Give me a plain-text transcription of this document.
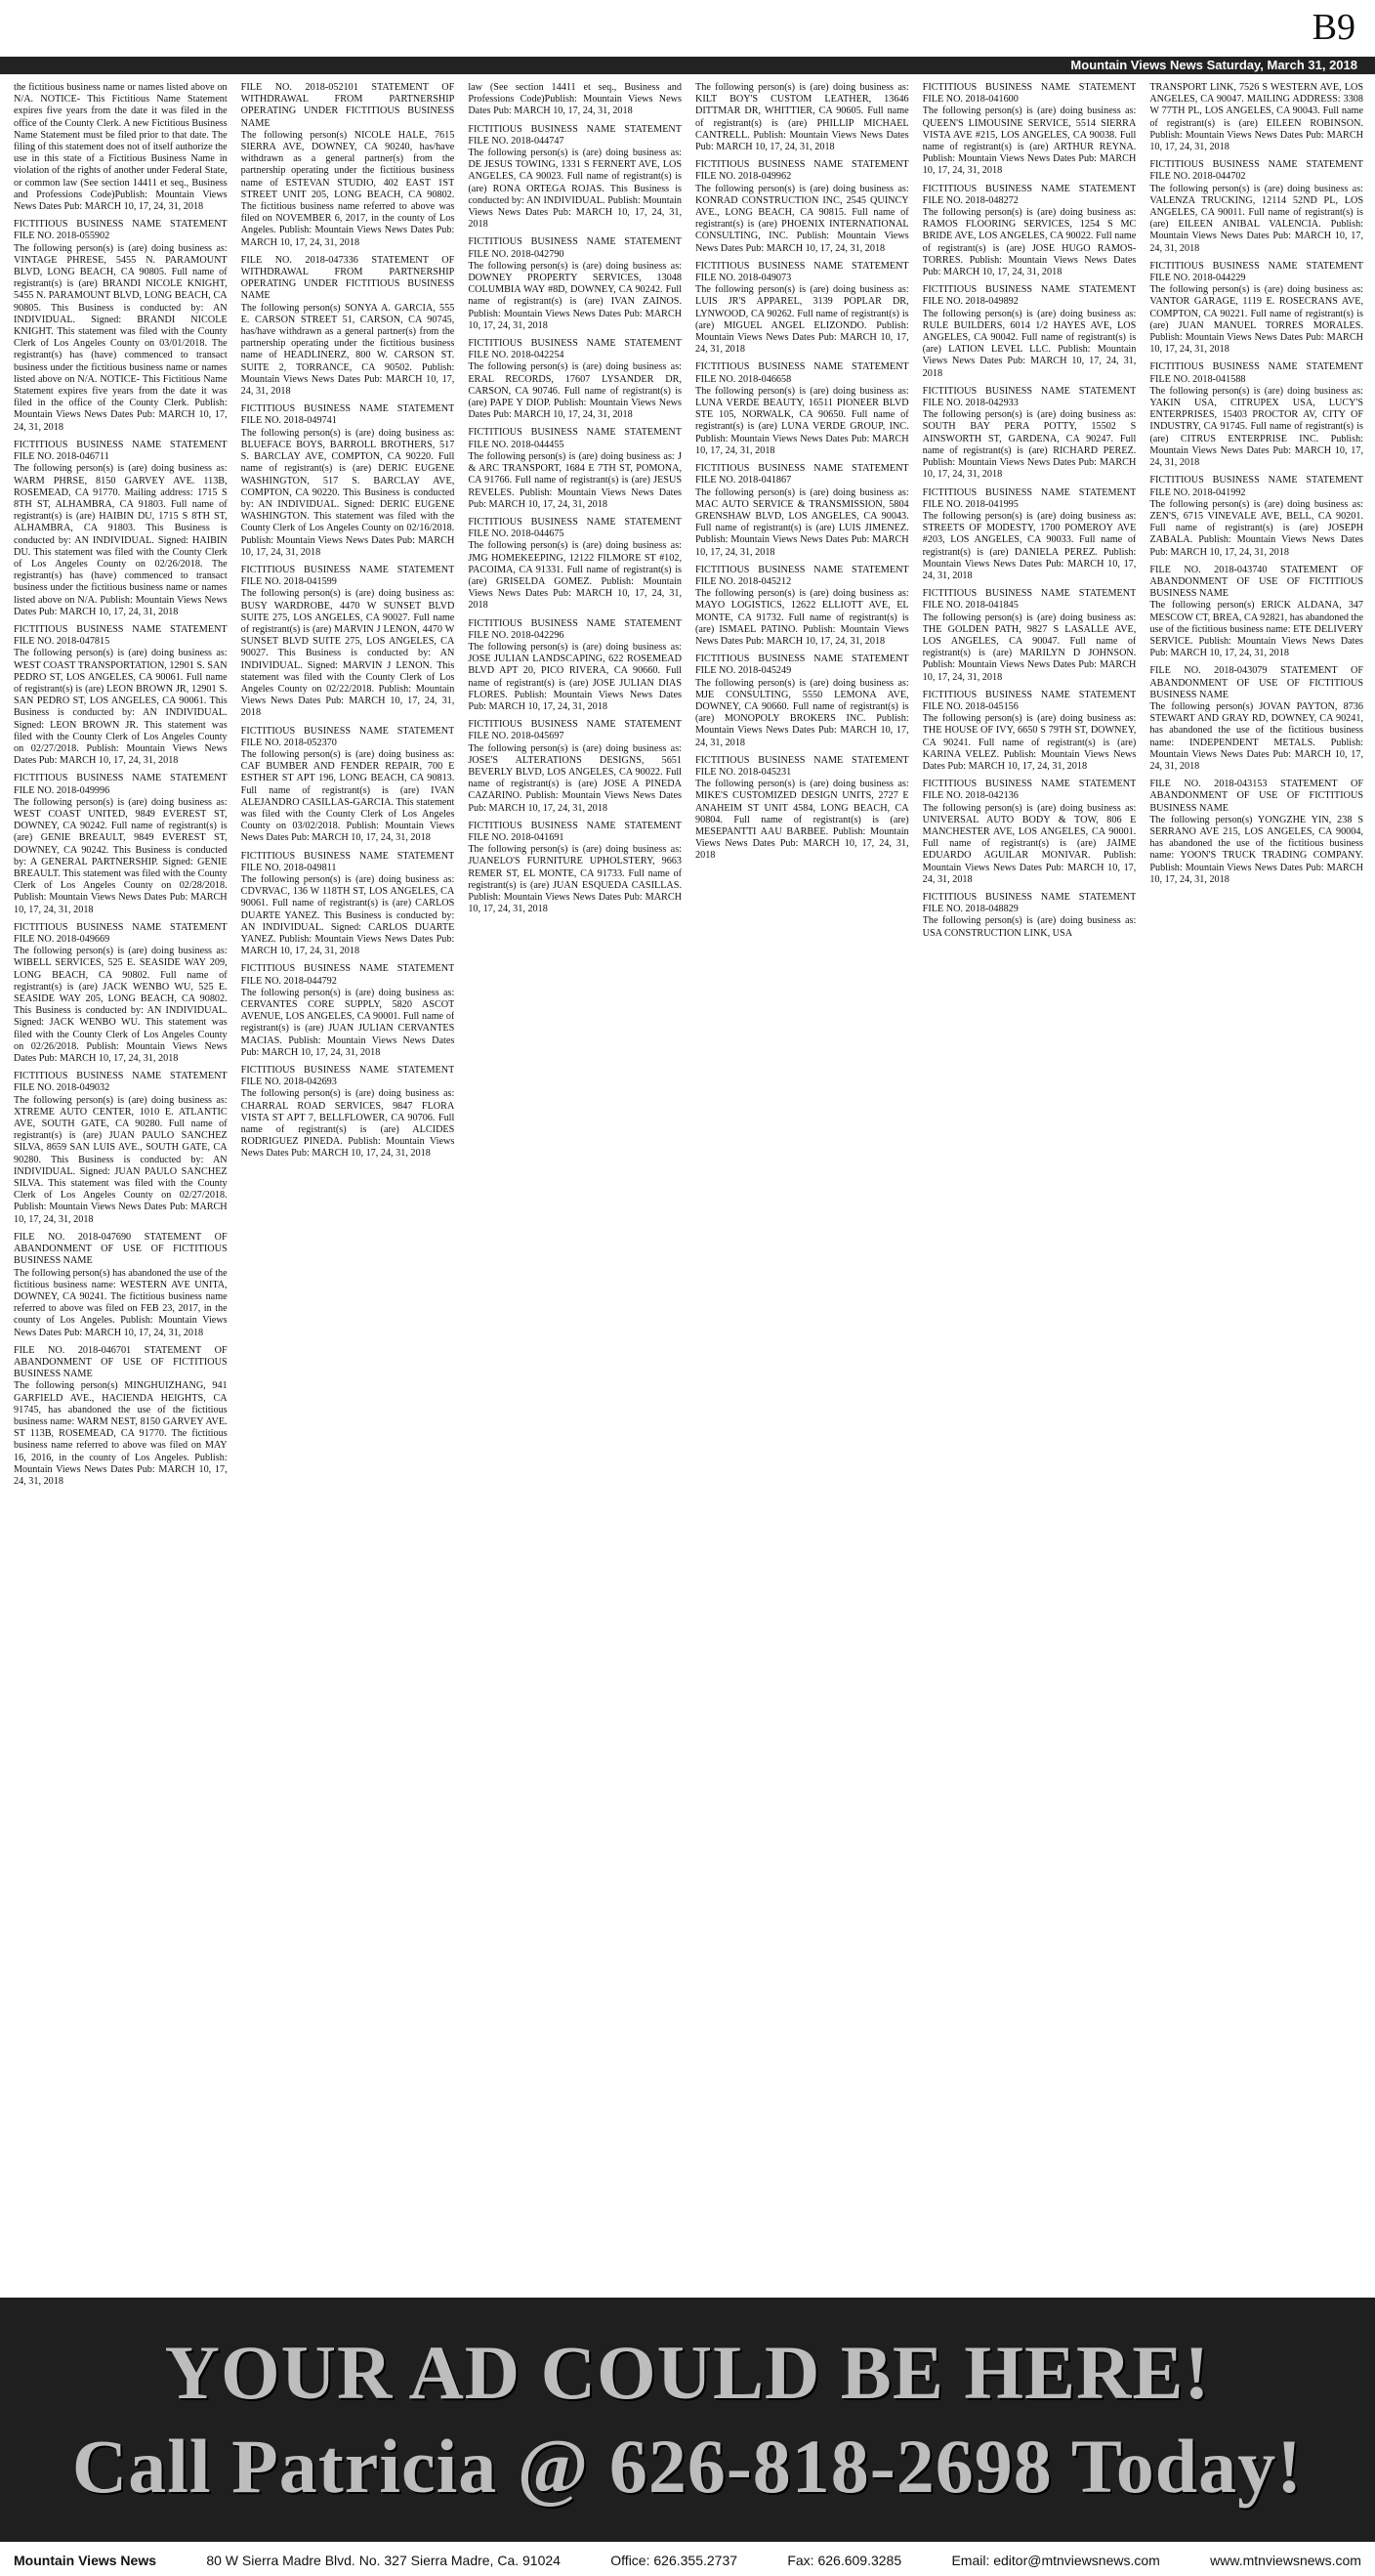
B9
Mountain Views News Saturday, March 31, 2018
the fictitious business name or names listed above on N/A. NOTICE- This Fictitious Name Statement expires five years from the date it was filed in the office of the County Clerk. A new Fictitious Business Name Statement must be filed prior to that date. The filing of this statement does not of itself authorize the use in this state of a Fictitious Business Name in violation of the rights of another under Federal State, or common law (See section 14411 et seq., Business and Professions Code)Publish: Mountain Views News Dates Pub: MARCH 10, 17, 24, 31, 2018
FICTITIOUS BUSINESS NAME STATEMENT FILE NO. 2018-055902
The following person(s) is (are) doing business as: VINTAGE PHRESE, 5455 N. PARAMOUNT BLVD, LONG BEACH, CA 90805. Full name of registrant(s) is (are) BRANDI NICOLE KNIGHT, 5455 N. PARAMOUNT BLVD, LONG BEACH, CA 90805. This Business is conducted by: AN INDIVIDUAL. Signed: BRANDI NICOLE KNIGHT. This statement was filed with the County Clerk of Los Angeles County on 03/01/2018. The registrant(s) has (have) commenced to transact business under the fictitious business name or names listed above on N/A. NOTICE- This Fictitious Name Statement expires five years from the date it was filed in the office of the County Clerk. Publish: Mountain Views News Dates Pub: MARCH 10, 17, 24, 31, 2018
FICTITIOUS BUSINESS NAME STATEMENT FILE NO. 2018-046711
The following person(s) is (are) doing business as: WARM PHRSE, 8150 GARVEY AVE. 113B, ROSEMEAD, CA 91770. Mailing address: 1715 S 8TH ST, ALHAMBRA, CA 91803. Full name of registrant(s) is (are) HAIBIN DU, 1715 S 8TH ST, ALHAMBRA, CA 91803. This Business is conducted by: AN INDIVIDUAL. Signed: HAIBIN DU. This statement was filed with the County Clerk of Los Angeles County on 02/26/2018. The registrant(s) has (have) commenced to transact business under the fictitious business name or names listed above on N/A. Publish: Mountain Views News Dates Pub: MARCH 10, 17, 24, 31, 2018
FICTITIOUS BUSINESS NAME STATEMENT FILE NO. 2018-047815
The following person(s) is (are) doing business as: WEST COAST TRANSPORTATION, 12901 S. SAN PEDRO ST, LOS ANGELES, CA 90061. Full name of registrant(s) is (are) LEON BROWN JR, 12901 S. SAN PEDRO ST, LOS ANGELES, CA 90061. This Business is conducted by: AN INDIVIDUAL. Signed: LEON BROWN JR. This statement was filed with the County Clerk of Los Angeles County on 02/27/2018. Publish: Mountain Views News Dates Pub: MARCH 10, 17, 24, 31, 2018
FICTITIOUS BUSINESS NAME STATEMENT FILE NO. 2018-049996
The following person(s) is (are) doing business as: WEST COAST UNITED, 9849 EVEREST ST, DOWNEY, CA 90242. Full name of registrant(s) is (are) GENIE BREAULT, 9849 EVEREST ST, DOWNEY, CA 90242. This Business is conducted by: A GENERAL PARTNERSHIP. Signed: GENIE BREAULT. This statement was filed with the County Clerk of Los Angeles County on 02/28/2018. Publish: Mountain Views News Dates Pub: MARCH 10, 17, 24, 31, 2018
FICTITIOUS BUSINESS NAME STATEMENT FILE NO. 2018-049669
The following person(s) is (are) doing business as: WIBELL SERVICES, 525 E. SEASIDE WAY 209, LONG BEACH, CA 90802. Full name of registrant(s) is (are) JACK WENBO WU, 525 E. SEASIDE WAY 205, LONG BEACH, CA 90802. This Business is conducted by: AN INDIVIDUAL. Signed: JACK WENBO WU. This statement was filed with the County Clerk of Los Angeles County on 02/26/2018. Publish: Mountain Views News Dates Pub: MARCH 10, 17, 24, 31, 2018
FICTITIOUS BUSINESS NAME STATEMENT FILE NO. 2018-049032
The following person(s) is (are) doing business as: XTREME AUTO CENTER, 1010 E. ATLANTIC AVE, SOUTH GATE, CA 90280. Full name of registrant(s) is (are) JUAN PAULO SANCHEZ SILVA, 8659 SAN LUIS AVE., SOUTH GATE, CA 90280. This Business is conducted by: AN INDIVIDUAL. Signed: JUAN PAULO SANCHEZ SILVA. This statement was filed with the County Clerk of Los Angeles County on 02/27/2018. Publish: Mountain Views News Dates Pub: MARCH 10, 17, 24, 31, 2018
FILE NO. 2018-047690 STATEMENT OF ABANDONMENT OF USE OF FICTITIOUS BUSINESS NAME
The following person(s) has abandoned the use of the fictitious business name: WESTERN AVE UNITA, DOWNEY, CA 90241. The fictitious business name referred to above was filed on FEB 23, 2017, in the county of Los Angeles. Publish: Mountain Views News Dates Pub: MARCH 10, 17, 24, 31, 2018
FILE NO. 2018-046701 STATEMENT OF ABANDONMENT OF USE OF FICTITIOUS BUSINESS NAME
The following person(s) MINGHUIZHANG, 941 GARFIELD AVE., HACIENDA HEIGHTS, CA 91745, has abandoned the use of the fictitious business name: WARM NEST, 8150 GARVEY AVE. ST 113B, ROSEMEAD, CA 91770. The fictitious business name referred to above was filed on MAY 16, 2016, in the county of Los Angeles. Publish: Mountain Views News Dates Pub: MARCH 10, 17, 24, 31, 2018
FILE NO. 2018-052101 STATEMENT OF WITHDRAWAL FROM PARTNERSHIP OPERATING UNDER FICTITIOUS BUSINESS NAME
The following person(s) NICOLE HALE, 7615 SIERRA AVE, DOWNEY, CA 90240, has/have withdrawn as a general partner(s) from the partnership operating under the fictitious business name of ESTEVAN STUDIO, 402 EAST 1ST STREET UNIT 205, LONG BEACH, CA 90802. The fictitious business name referred to above was filed on NOVEMBER 6, 2017, in the county of Los Angeles. Publish: Mountain Views News Dates Pub: MARCH 10, 17, 24, 31, 2018
FILE NO. 2018-047336 STATEMENT OF WITHDRAWAL FROM PARTNERSHIP OPERATING UNDER FICTITIOUS BUSINESS NAME
The following person(s) SONYA A. GARCIA, 555 E. CARSON STREET 51, CARSON, CA 90745, has/have withdrawn as a general partner(s) from the partnership operating under the fictitious business name of HEADLINERZ, 800 W. CARSON ST. SUITE 2, TORRANCE, CA 90502. Publish: Mountain Views News Dates Pub: MARCH 10, 17, 24, 31, 2018
FICTITIOUS BUSINESS NAME STATEMENT FILE NO. 2018-049741
The following person(s) is (are) doing business as: BLUEFACE BOYS, BARROLL BROTHERS, 517 S. BARCLAY AVE, COMPTON, CA 90220. Full name of registrant(s) is (are) DERIC EUGENE WASHINGTON, 517 S. BARCLAY AVE, COMPTON, CA 90220. This Business is conducted by: AN INDIVIDUAL. Signed: DERIC EUGENE WASHINGTON. This statement was filed with the County Clerk of Los Angeles County on 02/16/2018. Publish: Mountain Views News Dates Pub: MARCH 10, 17, 24, 31, 2018
FICTITIOUS BUSINESS NAME STATEMENT FILE NO. 2018-041599
The following person(s) is (are) doing business as: BUSY WARDROBE, 4470 W SUNSET BLVD SUITE 275, LOS ANGELES, CA 90027. Full name of registrant(s) is (are) MARVIN J LENON, 4470 W SUNSET BLVD SUITE 275, LOS ANGELES, CA 90027. This Business is conducted by: AN INDIVIDUAL. Signed: MARVIN J LENON. This statement was filed with the County Clerk of Los Angeles County on 02/22/2018. Publish: Mountain Views News Dates Pub: MARCH 10, 17, 24, 31, 2018
FICTITIOUS BUSINESS NAME STATEMENT FILE NO. 2018-052370
The following person(s) is (are) doing business as: CAF BUMBER AND FENDER REPAIR, 700 E ESTHER ST APT 196, LONG BEACH, CA 90813. Full name of registrant(s) is (are) IVAN ALEJANDRO CASILLAS-GARCIA. This statement was filed with the County Clerk of Los Angeles County on 03/02/2018. Publish: Mountain Views News Dates Pub: MARCH 10, 17, 24, 31, 2018
FICTITIOUS BUSINESS NAME STATEMENT FILE NO. 2018-049811
The following person(s) is (are) doing business as: CDVRVAC, 136 W 118TH ST, LOS ANGELES, CA 90061. Full name of registrant(s) is (are) CARLOS DUARTE YANEZ. This Business is conducted by: AN INDIVIDUAL. Signed: CARLOS DUARTE YANEZ. Publish: Mountain Views News Dates Pub: MARCH 10, 17, 24, 31, 2018
FICTITIOUS BUSINESS NAME STATEMENT FILE NO. 2018-044792
The following person(s) is (are) doing business as: CERVANTES CORE SUPPLY, 5820 ASCOT AVENUE, LOS ANGELES, CA 90001. Full name of registrant(s) is (are) JUAN JULIAN CERVANTES MACIAS. Publish: Mountain Views News Dates Pub: MARCH 10, 17, 24, 31, 2018
FICTITIOUS BUSINESS NAME STATEMENT FILE NO. 2018-042693
The following person(s) is (are) doing business as: CHARRAL ROAD SERVICES, 9847 FLORA VISTA ST APT 7, BELLFLOWER, CA 90706. Full name of registrant(s) is (are) ALCIDES RODRIGUEZ PINEDA. Publish: Mountain Views News Dates Pub: MARCH 10, 17, 24, 31, 2018
law (See section 14411 et seq., Business and Professions Code)Publish: Mountain Views News Dates Pub: MARCH 10, 17, 24, 31, 2018
FICTITIOUS BUSINESS NAME STATEMENT FILE NO. 2018-044747
The following person(s) is (are) doing business as: DE JESUS TOWING, 1331 S FERNERT AVE, LOS ANGELES, CA 90023. Full name of registrant(s) is (are) RONA ORTEGA ROJAS. This Business is conducted by: AN INDIVIDUAL. Publish: Mountain Views News Dates Pub: MARCH 10, 17, 24, 31, 2018
FICTITIOUS BUSINESS NAME STATEMENT FILE NO. 2018-042790
The following person(s) is (are) doing business as: DOWNEY PROPERTY SERVICES, 13048 COLUMBIA WAY #8D, DOWNEY, CA 90242. Full name of registrant(s) is (are) IVAN ZAINOS. Publish: Mountain Views News Dates Pub: MARCH 10, 17, 24, 31, 2018
FICTITIOUS BUSINESS NAME STATEMENT FILE NO. 2018-042254
The following person(s) is (are) doing business as: ERAL RECORDS, 17607 LYSANDER DR, CARSON, CA 90746. Full name of registrant(s) is (are) PAPE Y DIOP. Publish: Mountain Views News Dates Pub: MARCH 10, 17, 24, 31, 2018
FICTITIOUS BUSINESS NAME STATEMENT FILE NO. 2018-044455
The following person(s) is (are) doing business as: J & ARC TRANSPORT, 1684 E 7TH ST, POMONA, CA 91766. Full name of registrant(s) is (are) JESUS REVELES. Publish: Mountain Views News Dates Pub: MARCH 10, 17, 24, 31, 2018
FICTITIOUS BUSINESS NAME STATEMENT FILE NO. 2018-044675
The following person(s) is (are) doing business as: JMG HOMEKEEPING, 12122 FILMORE ST #102, PACOIMA, CA 91331. Full name of registrant(s) is (are) GRISELDA GOMEZ. Publish: Mountain Views News Dates Pub: MARCH 10, 17, 24, 31, 2018
FICTITIOUS BUSINESS NAME STATEMENT FILE NO. 2018-042296
The following person(s) is (are) doing business as: JOSE JULIAN LANDSCAPING, 622 ROSEMEAD BLVD APT 20, PICO RIVERA, CA 90660. Full name of registrant(s) is (are) JOSE JULIAN DIAS FLORES. Publish: Mountain Views News Dates Pub: MARCH 10, 17, 24, 31, 2018
FICTITIOUS BUSINESS NAME STATEMENT FILE NO. 2018-045697
The following person(s) is (are) doing business as: JOSE'S ALTERATIONS DESIGNS, 5651 BEVERLY BLVD, LOS ANGELES, CA 90022. Full name of registrant(s) is (are) JOSE A PINEDA CAZARINO. Publish: Mountain Views News Dates Pub: MARCH 10, 17, 24, 31, 2018
FICTITIOUS BUSINESS NAME STATEMENT FILE NO. 2018-041691
The following person(s) is (are) doing business as: JUANELO'S FURNITURE UPHOLSTERY, 9663 REMER ST, EL MONTE, CA 91733. Full name of registrant(s) is (are) JUAN ESQUEDA CASILLAS. Publish: Mountain Views News Dates Pub: MARCH 10, 17, 24, 31, 2018
The following person(s) is (are) doing business as: KILT BOY'S CUSTOM LEATHER, 13646 DITTMAR DR, WHITTIER, CA 90605. Full name of registrant(s) is (are) PHILLIP MICHAEL CANTRELL. Publish: Mountain Views News Dates Pub: MARCH 10, 17, 24, 31, 2018
FICTITIOUS BUSINESS NAME STATEMENT FILE NO. 2018-049962
The following person(s) is (are) doing business as: KONRAD CONSTRUCTION INC, 2545 QUINCY AVE., LONG BEACH, CA 90815. Full name of registrant(s) is (are) PHOENIX INTERNATIONAL CONSULTING, INC. Publish: Mountain Views News Dates Pub: MARCH 10, 17, 24, 31, 2018
FICTITIOUS BUSINESS NAME STATEMENT FILE NO. 2018-049073
The following person(s) is (are) doing business as: LUIS JR'S APPAREL, 3139 POPLAR DR, LYNWOOD, CA 90262. Full name of registrant(s) is (are) MIGUEL ANGEL ELIZONDO. Publish: Mountain Views News Dates Pub: MARCH 10, 17, 24, 31, 2018
FICTITIOUS BUSINESS NAME STATEMENT FILE NO. 2018-046658
The following person(s) is (are) doing business as: LUNA VERDE BEAUTY, 16511 PIONEER BLVD STE 105, NORWALK, CA 90650. Full name of registrant(s) is (are) LUNA VERDE GROUP, INC. Publish: Mountain Views News Dates Pub: MARCH 10, 17, 24, 31, 2018
FICTITIOUS BUSINESS NAME STATEMENT FILE NO. 2018-041867
The following person(s) is (are) doing business as: MAC AUTO SERVICE & TRANSMISSION, 5804 GRENSHAW BLVD, LOS ANGELES, CA 90043. Full name of registrant(s) is (are) LUIS JIMENEZ. Publish: Mountain Views News Dates Pub: MARCH 10, 17, 24, 31, 2018
FICTITIOUS BUSINESS NAME STATEMENT FILE NO. 2018-045212
The following person(s) is (are) doing business as: MAYO LOGISTICS, 12622 ELLIOTT AVE, EL MONTE, CA 91732. Full name of registrant(s) is (are) ISMAEL PATINO. Publish: Mountain Views News Dates Pub: MARCH 10, 17, 24, 31, 2018
FICTITIOUS BUSINESS NAME STATEMENT FILE NO. 2018-045249
The following person(s) is (are) doing business as: MJE CONSULTING, 5550 LEMONA AVE, DOWNEY, CA 90660. Full name of registrant(s) is (are) MONOPOLY BROKERS INC. Publish: Mountain Views News Dates Pub: MARCH 10, 17, 24, 31, 2018
FICTITIOUS BUSINESS NAME STATEMENT FILE NO. 2018-045231
The following person(s) is (are) doing business as: MIKE'S CUSTOMIZED DESIGN UNITS, 2727 E ANAHEIM ST UNIT 4584, LONG BEACH, CA 90804. Full name of registrant(s) is (are) MESEPANTTI AAU BARBEE. Publish: Mountain Views News Dates Pub: MARCH 10, 17, 24, 31, 2018
FICTITIOUS BUSINESS NAME STATEMENT FILE NO. 2018-041600
The following person(s) is (are) doing business as: QUEEN'S LIMOUSINE SERVICE, 5514 SIERRA VISTA AVE #215, LOS ANGELES, CA 90038. Full name of registrant(s) is (are) ARTHUR REYNA. Publish: Mountain Views News Dates Pub: MARCH 10, 17, 24, 31, 2018
FICTITIOUS BUSINESS NAME STATEMENT FILE NO. 2018-048272
The following person(s) is (are) doing business as: RAMOS FLOORING SERVICES, 1254 S MC BRIDE AVE, LOS ANGELES, CA 90022. Full name of registrant(s) is (are) JOSE HUGO RAMOS-TORRES. Publish: Mountain Views News Dates Pub: MARCH 10, 17, 24, 31, 2018
FICTITIOUS BUSINESS NAME STATEMENT FILE NO. 2018-049892
The following person(s) is (are) doing business as: RULE BUILDERS, 6014 1/2 HAYES AVE, LOS ANGELES, CA 90042. Full name of registrant(s) is (are) LATION LEVEL LLC. Publish: Mountain Views News Dates Pub: MARCH 10, 17, 24, 31, 2018
FICTITIOUS BUSINESS NAME STATEMENT FILE NO. 2018-042933
The following person(s) is (are) doing business as: SOUTH BAY PERA POTTY, 15502 S AINSWORTH ST, GARDENA, CA 90247. Full name of registrant(s) is (are) RICHARD PEREZ. Publish: Mountain Views News Dates Pub: MARCH 10, 17, 24, 31, 2018
FICTITIOUS BUSINESS NAME STATEMENT FILE NO. 2018-041995
The following person(s) is (are) doing business as: STREETS OF MODESTY, 1700 POMEROY AVE #203, LOS ANGELES, CA 90033. Full name of registrant(s) is (are) DANIELA PEREZ. Publish: Mountain Views News Dates Pub: MARCH 10, 17, 24, 31, 2018
FICTITIOUS BUSINESS NAME STATEMENT FILE NO. 2018-041845
The following person(s) is (are) doing business as: THE GOLDEN PATH, 9827 S LASALLE AVE, LOS ANGELES, CA 90047. Full name of registrant(s) is (are) MARILYN D JOHNSON. Publish: Mountain Views News Dates Pub: MARCH 10, 17, 24, 31, 2018
FICTITIOUS BUSINESS NAME STATEMENT FILE NO. 2018-045156
The following person(s) is (are) doing business as: THE HOUSE OF IVY, 6650 S 79TH ST, DOWNEY, CA 90241. Full name of registrant(s) is (are) KARINA VELEZ. Publish: Mountain Views News Dates Pub: MARCH 10, 17, 24, 31, 2018
FICTITIOUS BUSINESS NAME STATEMENT FILE NO. 2018-042136
The following person(s) is (are) doing business as: UNIVERSAL AUTO BODY & TOW, 806 E MANCHESTER AVE, LOS ANGELES, CA 90001. Full name of registrant(s) is (are) JAIME EDUARDO AGUILAR MONIVAR. Publish: Mountain Views News Dates Pub: MARCH 10, 17, 24, 31, 2018
FICTITIOUS BUSINESS NAME STATEMENT FILE NO. 2018-048829
The following person(s) is (are) doing business as: USA CONSTRUCTION LINK, USA
TRANSPORT LINK, 7526 S WESTERN AVE, LOS ANGELES, CA 90047. MAILING ADDRESS: 3308 W 77TH PL, LOS ANGELES, CA 90043. Full name of registrant(s) is (are) EILEEN ROBINSON. Publish: Mountain Views News Dates Pub: MARCH 10, 17, 24, 31, 2018
FICTITIOUS BUSINESS NAME STATEMENT FILE NO. 2018-044702
The following person(s) is (are) doing business as: VALENZA TRUCKING, 12114 52ND PL, LOS ANGELES, CA 90011. Full name of registrant(s) is (are) EILEEN ANIBAL VALENCIA. Publish: Mountain Views News Dates Pub: MARCH 10, 17, 24, 31, 2018
FICTITIOUS BUSINESS NAME STATEMENT FILE NO. 2018-044229
The following person(s) is (are) doing business as: VANTOR GARAGE, 1119 E. ROSECRANS AVE, COMPTON, CA 90221. Full name of registrant(s) is (are) JUAN MANUEL TORRES MORALES. Publish: Mountain Views News Dates Pub: MARCH 10, 17, 24, 31, 2018
FICTITIOUS BUSINESS NAME STATEMENT FILE NO. 2018-041588
The following person(s) is (are) doing business as: YAKIN USA, CITRUPEX USA, LUCY'S ENTERPRISES, 15403 PROCTOR AV, CITY OF INDUSTRY, CA 91745. Full name of registrant(s) is (are) CITRUS ENTERPRISE INC. Publish: Mountain Views News Dates Pub: MARCH 10, 17, 24, 31, 2018
FICTITIOUS BUSINESS NAME STATEMENT FILE NO. 2018-041992
The following person(s) is (are) doing business as: ZEN'S, 6715 VINEVALE AVE, BELL, CA 90201. Full name of registrant(s) is (are) JOSEPH ZABALA. Publish: Mountain Views News Dates Pub: MARCH 10, 17, 24, 31, 2018
FILE NO. 2018-043740 STATEMENT OF ABANDONMENT OF USE OF FICTITIOUS BUSINESS NAME
The following person(s) ERICK ALDANA, 347 MESCOW CT, BREA, CA 92821, has abandoned the use of the fictitious business name: ETE DELIVERY SERVICE. Publish: Mountain Views News Dates Pub: MARCH 10, 17, 24, 31, 2018
FILE NO. 2018-043079 STATEMENT OF ABANDONMENT OF USE OF FICTITIOUS BUSINESS NAME
The following person(s) JOVAN PAYTON, 8736 STEWART AND GRAY RD, DOWNEY, CA 90241, has abandoned the use of the fictitious business name: INDEPENDENT METALS. Publish: Mountain Views News Dates Pub: MARCH 10, 17, 24, 31, 2018
FILE NO. 2018-043153 STATEMENT OF ABANDONMENT OF USE OF FICTITIOUS BUSINESS NAME
The following person(s) YONGZHE YIN, 238 S SERRANO AVE 215, LOS ANGELES, CA 90004, has abandoned the use of the fictitious business name: YOON'S TRUCK TRADING COMPANY. Publish: Mountain Views News Dates Pub: MARCH 10, 17, 24, 31, 2018
YOUR AD COULD BE HERE!
Call Patricia @ 626-818-2698 Today!
Mountain Views News	80 W Sierra Madre Blvd. No. 327 Sierra Madre, Ca. 91024	Office: 626.355.2737	Fax: 626.609.3285	Email: editor@mtnviewsnews.com	www.mtnviewsnews.com
